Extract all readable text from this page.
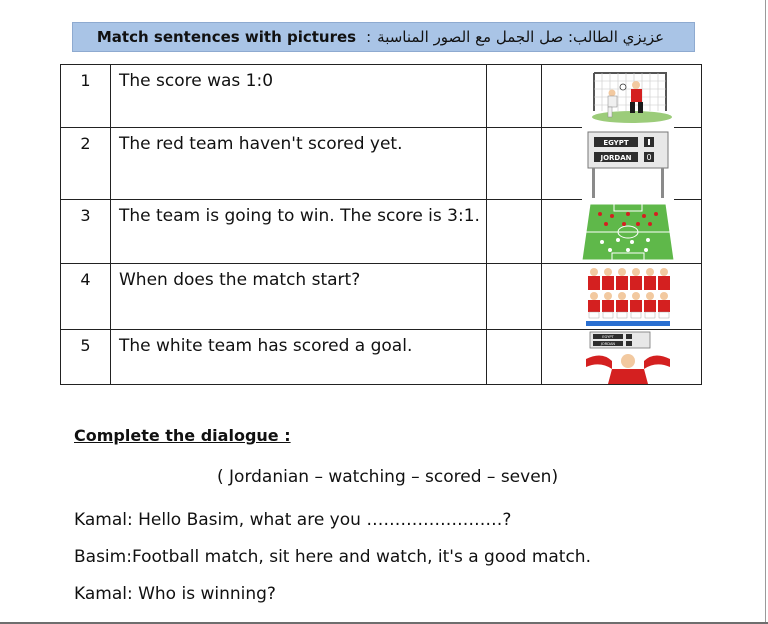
Match sentences with pictures : عزيزي الطالب: صل الجمل مع الصور المناسبة
1	The score was 1:0		

2	The red team haven't scored yet.		EGYPT
JORDAN 0

3	The team is going to win. The score is 3:1.		

4	When does the match start?		

5	The white team has scored a goal.		EGYPT
JORDAN
Complete the dialogue :
( Jordanian – watching – scored – seven)
Kamal: Hello Basim, what are you ……………………?
Basim:Football match, sit here and watch, it's a good match.
Kamal: Who is winning?
